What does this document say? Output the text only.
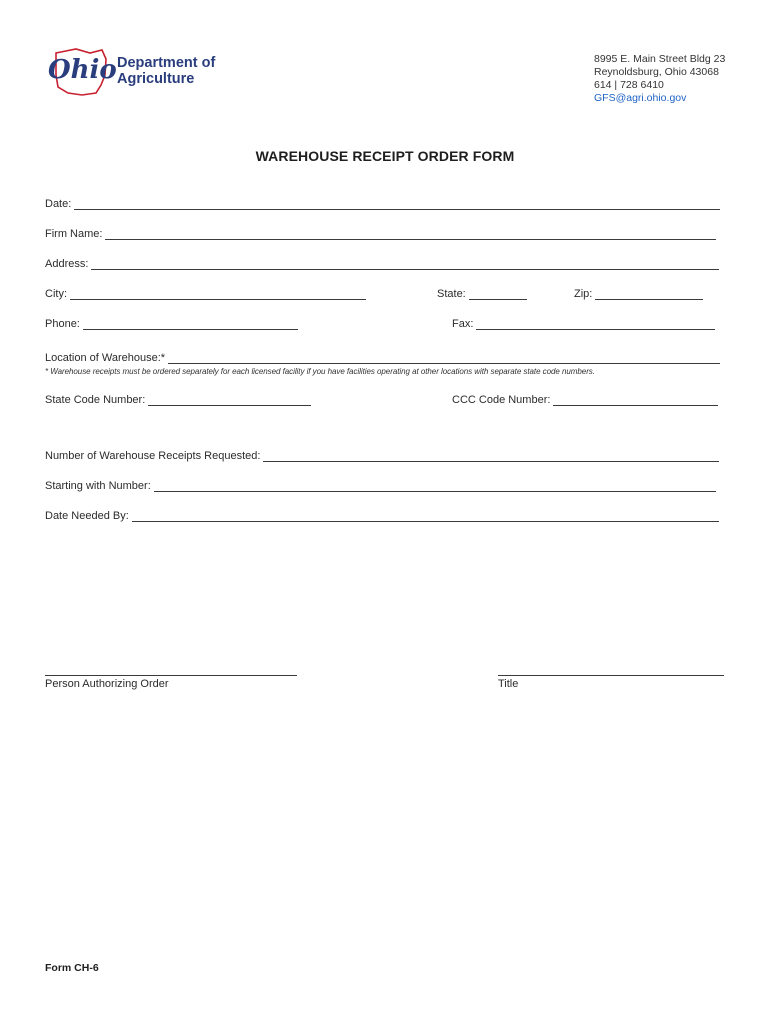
Ohio Department of
Agriculture
8995 E. Main Street Bldg 23
Reynoldsburg, Ohio 43068
614 | 728 6410
GFS@agri.ohio.gov
WAREHOUSE RECEIPT ORDER FORM
Date:
Firm Name:
Address:
City:	State:	Zip:
Phone:	Fax:
Location of Warehouse:*
* Warehouse receipts must be ordered separately for each licensed facility if you have facilities operating at other locations with separate state code numbers.
State Code Number:	CCC Code Number:
Number of Warehouse Receipts Requested:
Starting with Number:
Date Needed By:
Person Authorizing Order	Title
Form CH-6
